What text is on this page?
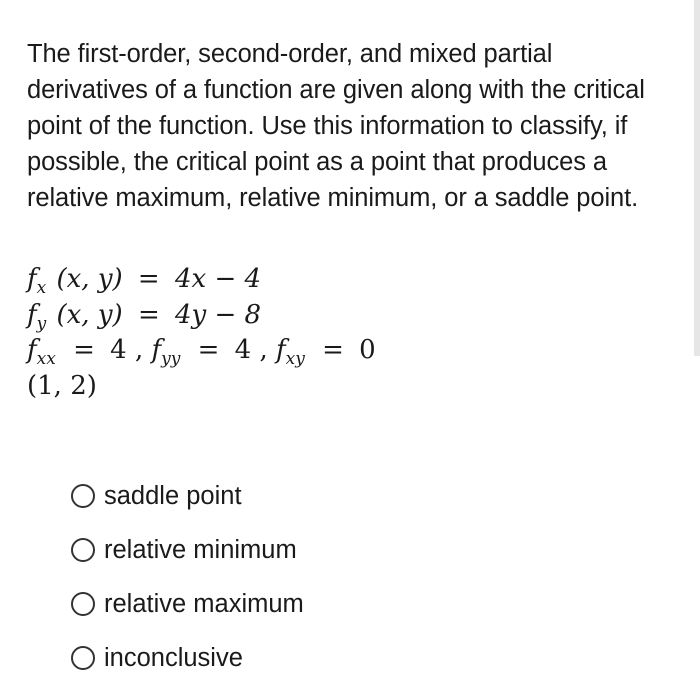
The first-order, second-order, and mixed partial derivatives of a function are given along with the critical point of the function. Use this information to classify, if possible, the critical point as a point that produces a relative maximum, relative minimum, or a saddle point.

$f_x$ (x, y) = 4x − 4
$f_y$ (x, y) = 4y − 8
$f_{xx} = 4$ , $f_{yy} = 4$ , $f_{xy} = 0$
(1, 2)
saddle point
relative minimum
relative maximum
inconclusive
